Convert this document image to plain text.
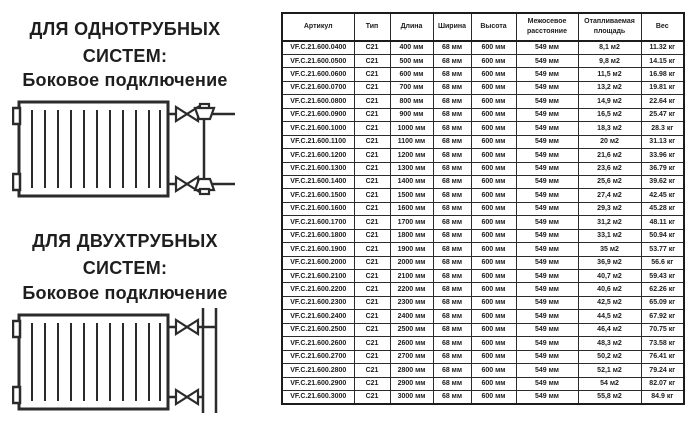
ДЛЯ ОДНОТРУБНЫХ
СИСТЕМ:
Боковое подключение
ДЛЯ ДВУХТРУБНЫХ
СИСТЕМ:
Боковое подключение
Артикул	Тип	Длина	Ширина	Высота	Межосевое расстояние	Отапливаемая площадь	Вес
VF.C.21.600.0400	C21	400 мм	68 мм	600 мм	549 мм	8,1 м2	11.32 кг
VF.C.21.600.0500	C21	500 мм	68 мм	600 мм	549 мм	9,8 м2	14.15 кг
VF.C.21.600.0600	C21	600 мм	68 мм	600 мм	549 мм	11,5 м2	16.98 кг
VF.C.21.600.0700	C21	700 мм	68 мм	600 мм	549 мм	13,2 м2	19.81 кг
VF.C.21.600.0800	C21	800 мм	68 мм	600 мм	549 мм	14,9 м2	22.64 кг
VF.C.21.600.0900	C21	900 мм	68 мм	600 мм	549 мм	16,5 м2	25.47 кг
VF.C.21.600.1000	C21	1000 мм	68 мм	600 мм	549 мм	18,3 м2	28.3 кг
VF.C.21.600.1100	C21	1100 мм	68 мм	600 мм	549 мм	20 м2	31.13 кг
VF.C.21.600.1200	C21	1200 мм	68 мм	600 мм	549 мм	21,6 м2	33.96 кг
VF.C.21.600.1300	C21	1300 мм	68 мм	600 мм	549 мм	23,6 м2	36.79 кг
VF.C.21.600.1400	C21	1400 мм	68 мм	600 мм	549 мм	25,6 м2	39.62 кг
VF.C.21.600.1500	C21	1500 мм	68 мм	600 мм	549 мм	27,4 м2	42.45 кг
VF.C.21.600.1600	C21	1600 мм	68 мм	600 мм	549 мм	29,3 м2	45.28 кг
VF.C.21.600.1700	C21	1700 мм	68 мм	600 мм	549 мм	31,2 м2	48.11 кг
VF.C.21.600.1800	C21	1800 мм	68 мм	600 мм	549 мм	33,1 м2	50.94 кг
VF.C.21.600.1900	C21	1900 мм	68 мм	600 мм	549 мм	35 м2	53.77 кг
VF.C.21.600.2000	C21	2000 мм	68 мм	600 мм	549 мм	36,9 м2	56.6 кг
VF.C.21.600.2100	C21	2100 мм	68 мм	600 мм	549 мм	40,7 м2	59.43 кг
VF.C.21.600.2200	C21	2200 мм	68 мм	600 мм	549 мм	40,6 м2	62.26 кг
VF.C.21.600.2300	C21	2300 мм	68 мм	600 мм	549 мм	42,5 м2	65.09 кг
VF.C.21.600.2400	C21	2400 мм	68 мм	600 мм	549 мм	44,5 м2	67.92 кг
VF.C.21.600.2500	C21	2500 мм	68 мм	600 мм	549 мм	46,4 м2	70.75 кг
VF.C.21.600.2600	C21	2600 мм	68 мм	600 мм	549 мм	48,3 м2	73.58 кг
VF.C.21.600.2700	C21	2700 мм	68 мм	600 мм	549 мм	50,2 м2	76.41 кг
VF.C.21.600.2800	C21	2800 мм	68 мм	600 мм	549 мм	52,1 м2	79.24 кг
VF.C.21.600.2900	C21	2900 мм	68 мм	600 мм	549 мм	54 м2	82.07 кг
VF.C.21.600.3000	C21	3000 мм	68 мм	600 мм	549 мм	55,8 м2	84.9 кг
